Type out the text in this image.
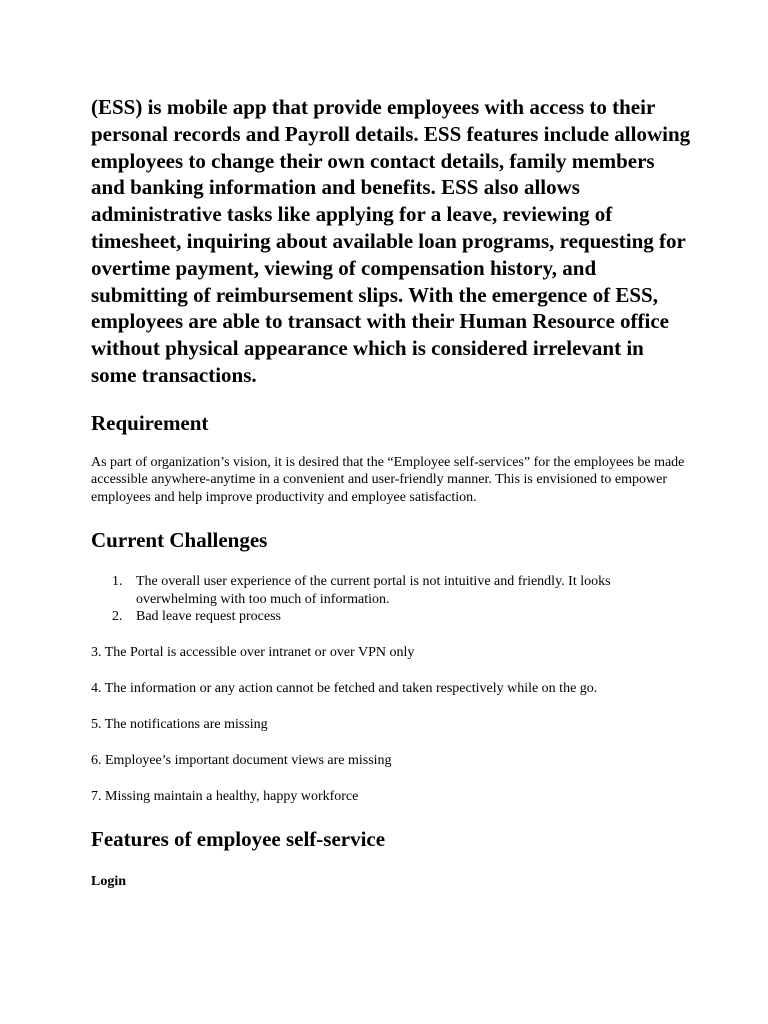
(ESS) is mobile app that provide employees with access to their personal records and Payroll details. ESS features include allowing employees to change their own contact details, family members and banking information and benefits. ESS also allows administrative tasks like applying for a leave, reviewing of timesheet, inquiring about available loan programs, requesting for overtime payment, viewing of compensation history, and submitting of reimbursement slips. With the emergence of ESS, employees are able to transact with their Human Resource office without physical appearance which is considered irrelevant in some transactions.

Requirement

As part of organization’s vision, it is desired that the “Employee self-services” for the employees be made accessible anywhere-anytime in a convenient and user-friendly manner. This is envisioned to empower employees and help improve productivity and employee satisfaction.

Current Challenges
1. The overall user experience of the current portal is not intuitive and friendly. It looks overwhelming with too much of information.
2. Bad leave request process

3. The Portal is accessible over intranet or over VPN only

4. The information or any action cannot be fetched and taken respectively while on the go.

5. The notifications are missing

6. Employee’s important document views are missing

7. Missing maintain a healthy, happy workforce

Features of employee self-service

Login
